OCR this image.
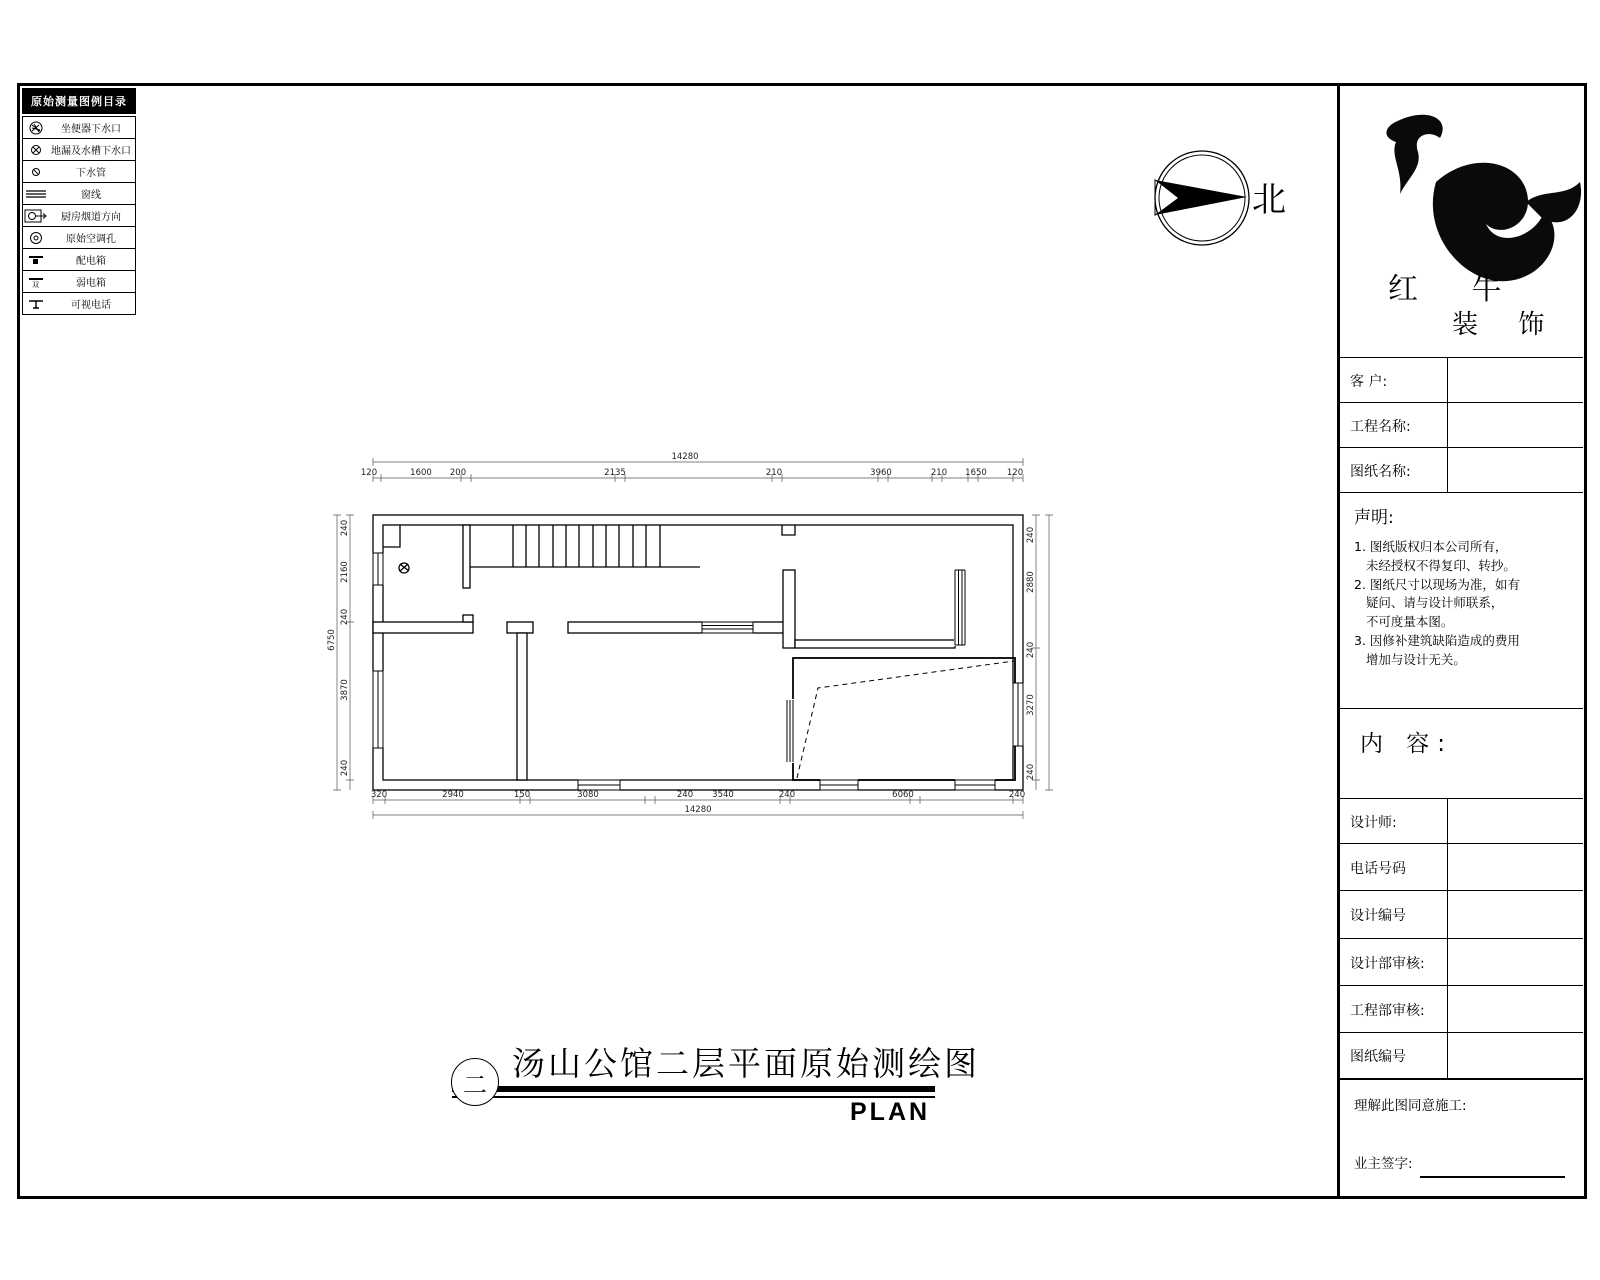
原始测量图例目录
坐便器下水口
地漏及水槽下水口
下水管
窗线
厨房烟道方向
原始空调孔
配电箱
双	弱电箱
可视电话
北
装 饰
红 牛
客 户:
工程名称:
图纸名称:
声明:
1. 图纸版权归本公司所有，
未经授权不得复印、转抄。
2. 图纸尺寸以现场为准，如有
疑问、请与设计师联系，
不可度量本图。
3. 因修补建筑缺陷造成的费用
增加与设计无关。
内 容:
设计师:
电话号码
设计编号
设计部审核:
工程部审核:
图纸编号
理解此图同意施工:
业主签字:
14280
120	1600 200	2135	210	3960	210 1650 120
320	2940	150	3080	240 3540	240	6060	240
14280
240
2160
240
3870
240
6750
240
2880
240
3270
240
二
汤山公馆二层平面原始测绘图
PLAN
